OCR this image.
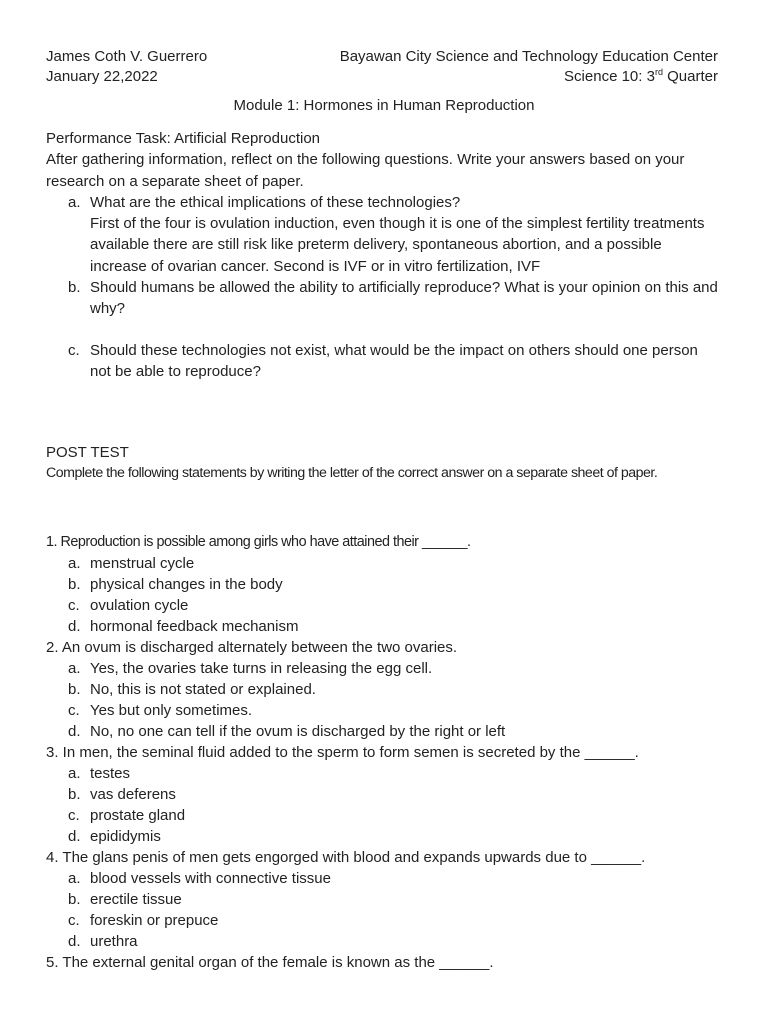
James Coth V. Guerrero	Bayawan City Science and Technology Education Center
January 22,2022	Science 10: 3rd Quarter
Module 1: Hormones in Human Reproduction
Performance Task: Artificial Reproduction
After gathering information, reflect on the following questions. Write your answers based on your research on a separate sheet of paper.
a. What are the ethical implications of these technologies?
First of the four is ovulation induction, even though it is one of the simplest fertility treatments available there are still risk like preterm delivery, spontaneous abortion, and a possible increase of ovarian cancer. Second is IVF or in vitro fertilization, IVF
b. Should humans be allowed the ability to artificially reproduce? What is your opinion on this and why?
c. Should these technologies not exist, what would be the impact on others should one person not be able to reproduce?
POST TEST
Complete the following statements by writing the letter of the correct answer on a separate sheet of paper.
1. Reproduction is possible among girls who have attained their ______.
a. menstrual cycle
b. physical changes in the body
c. ovulation cycle
d. hormonal feedback mechanism
2. An ovum is discharged alternately between the two ovaries.
a. Yes, the ovaries take turns in releasing the egg cell.
b. No, this is not stated or explained.
c. Yes but only sometimes.
d. No, no one can tell if the ovum is discharged by the right or left
3. In men, the seminal fluid added to the sperm to form semen is secreted by the ______.
a. testes
b. vas deferens
c. prostate gland
d. epididymis
4. The glans penis of men gets engorged with blood and expands upwards due to ______.
a. blood vessels with connective tissue
b. erectile tissue
c. foreskin or prepuce
d. urethra
5. The external genital organ of the female is known as the ______.
